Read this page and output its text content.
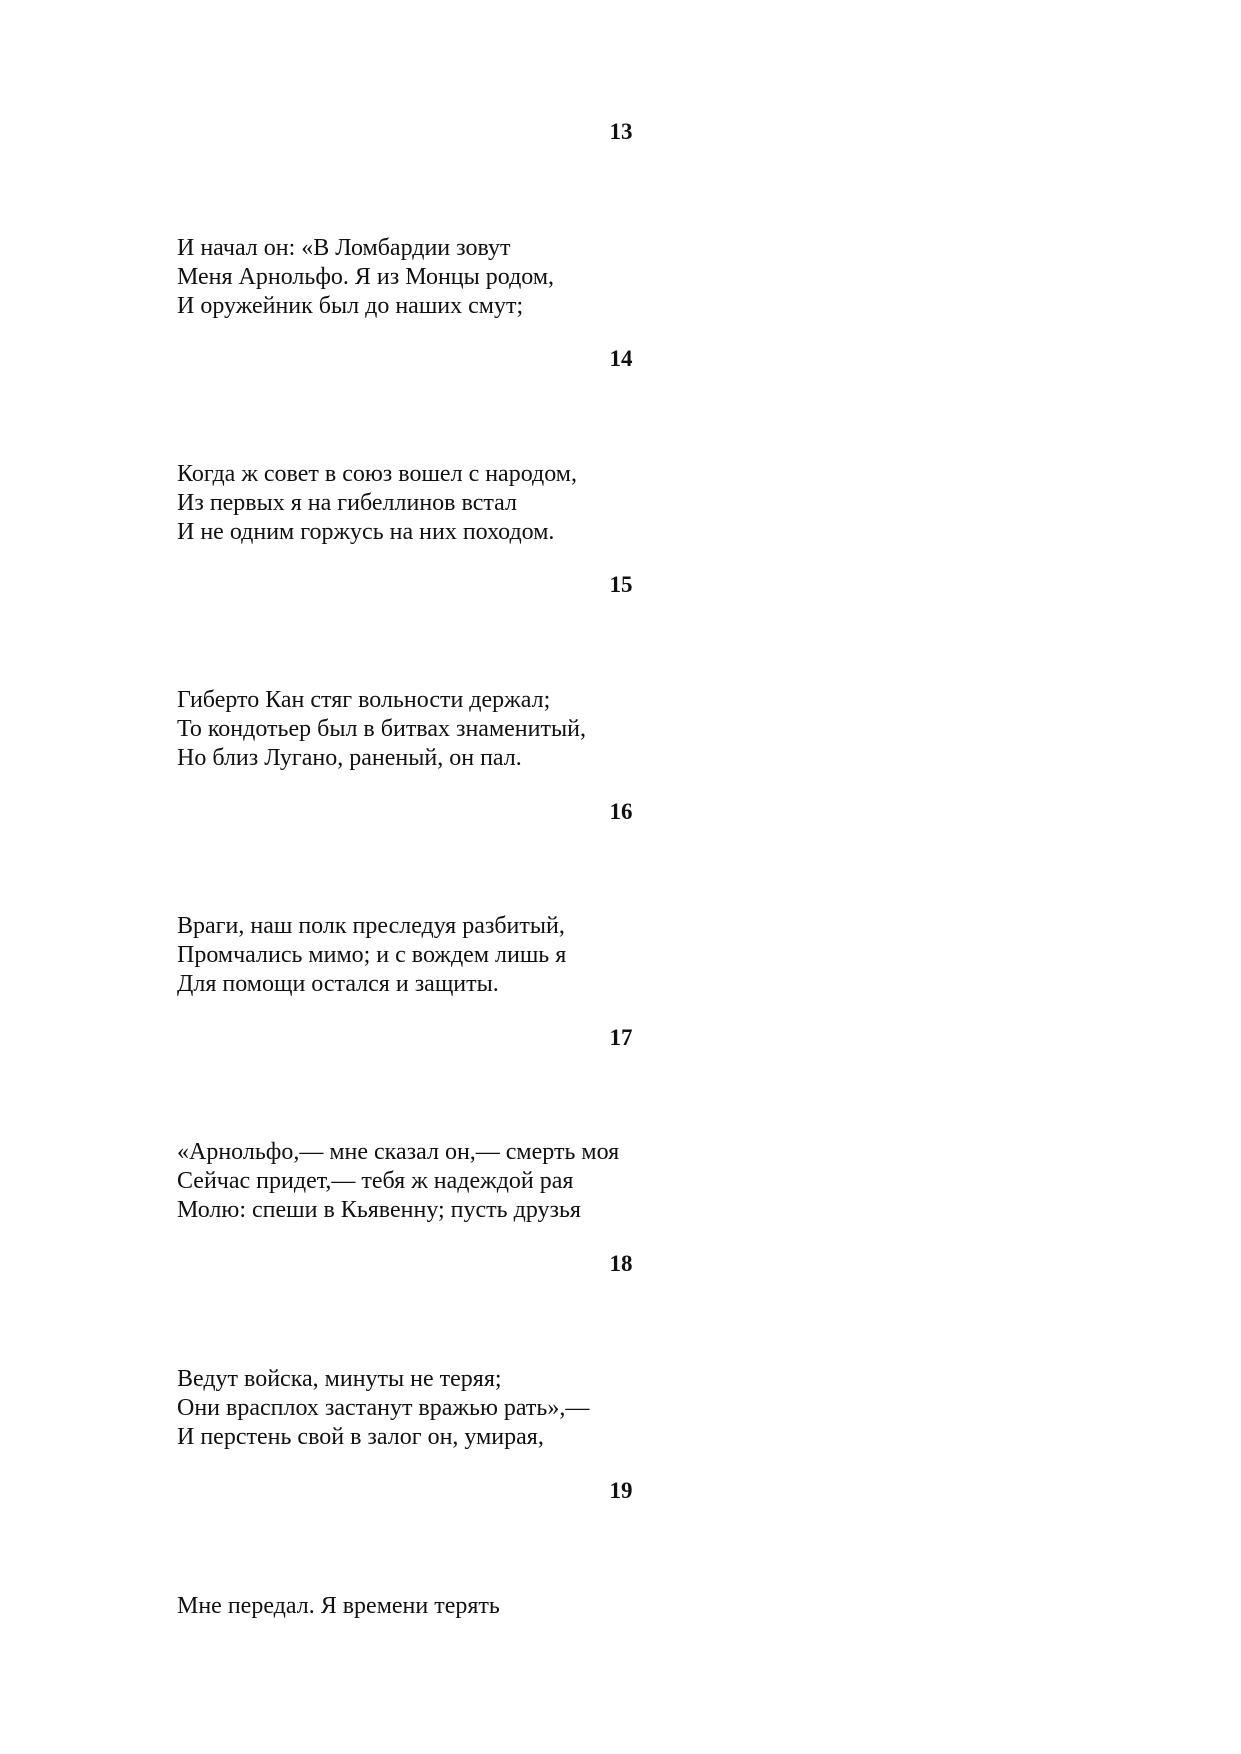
13
И начал он: «В Ломбардии зовут
Меня Арнольфо. Я из Монцы родом,
И оружейник был до наших смут;
14
Когда ж совет в союз вошел с народом,
Из первых я на гибеллинов встал
И не одним горжусь на них походом.
15
Гиберто Кан стяг вольности держал;
То кондотьер был в битвах знаменитый,
Но близ Лугано, раненый, он пал.
16
Враги, наш полк преследуя разбитый,
Промчались мимо; и с вождем лишь я
Для помощи остался и защиты.
17
«Арнольфо,— мне сказал он,— смерть моя
Сейчас придет,— тебя ж надеждой рая
Молю: спеши в Кьявенну; пусть друзья
18
Ведут войска, минуты не теряя;
Они врасплох застанут вражью рать»,—
И перстень свой в залог он, умирая,
19
Мне передал. Я времени терять
